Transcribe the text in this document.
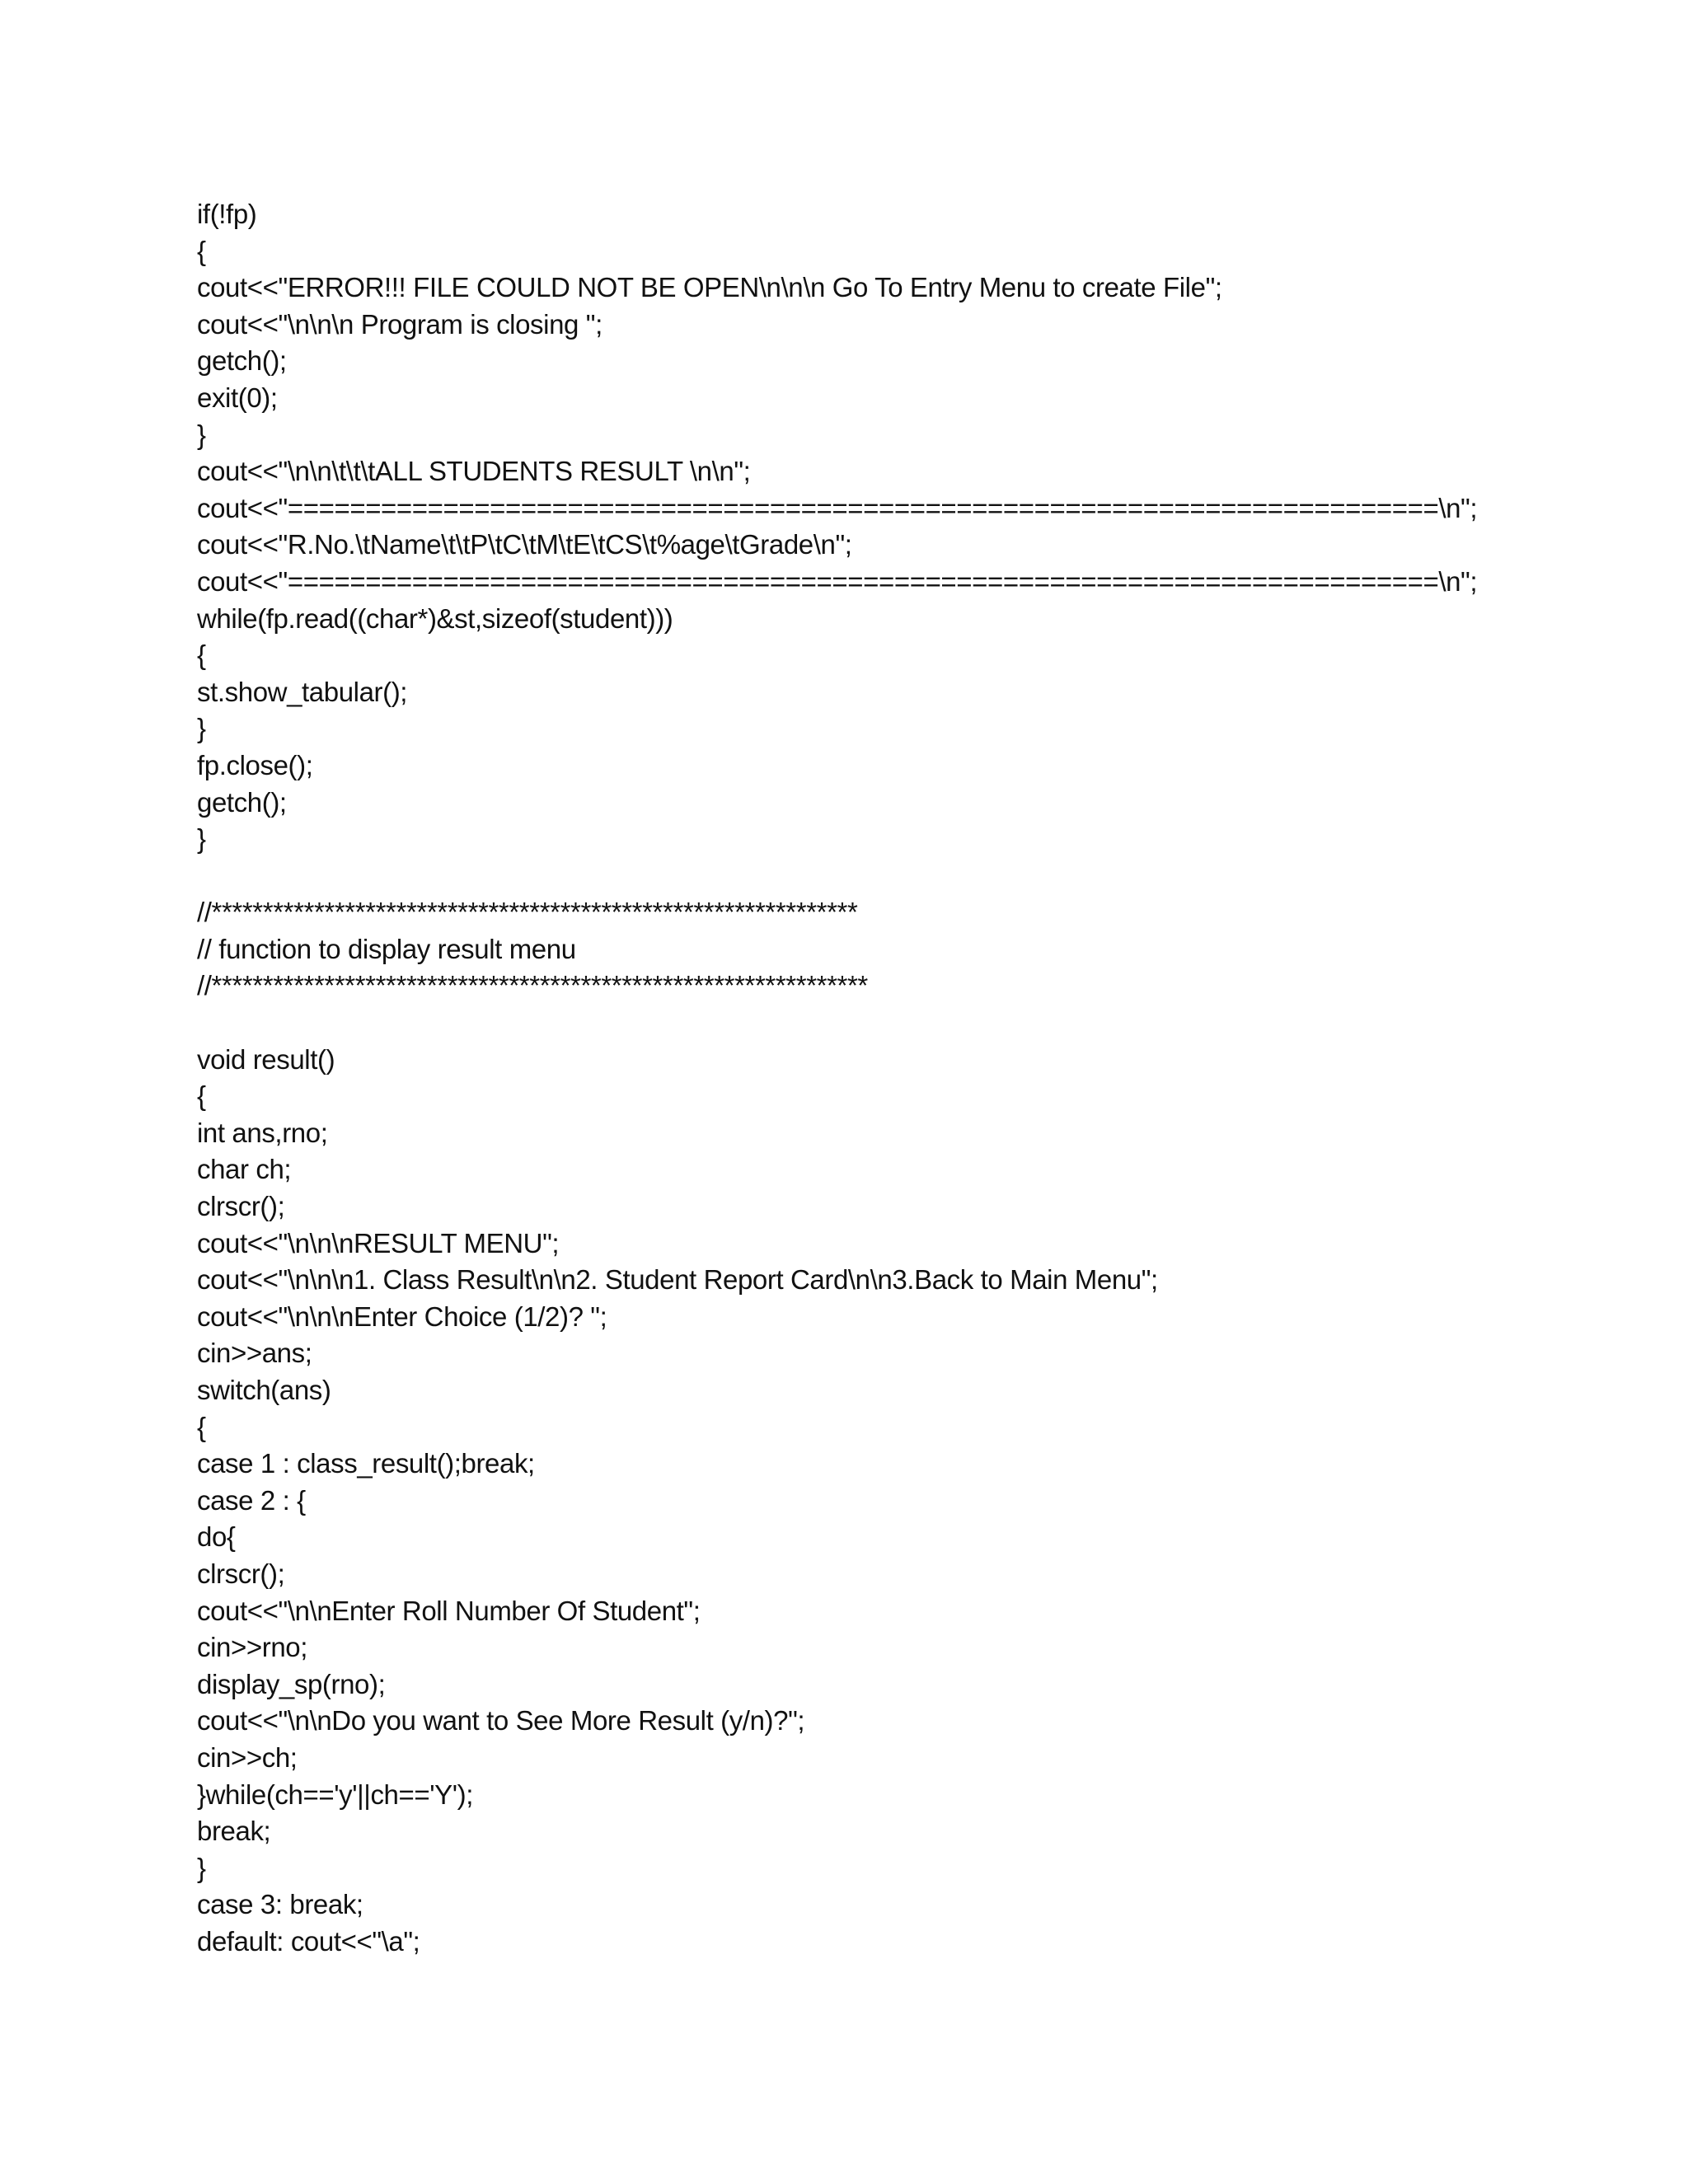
if(!fp)
{
cout<<"ERROR!!! FILE COULD NOT BE OPEN\n\n\n Go To Entry Menu to create File";
cout<<"\n\n\n Program is closing ";
getch();
exit(0);
}
cout<<"\n\n\t\t\tALL STUDENTS RESULT \n\n";
cout<<"==========================================================================\n";
cout<<"R.No.\tName\t\tP\tC\tM\tE\tCS\t%age\tGrade\n";
cout<<"==========================================================================\n";
while(fp.read((char*)&st,sizeof(student)))
{
st.show_tabular();
}
fp.close();
getch();
}
//***************************************************************
// function to display result menu
//****************************************************************
void result()
{
int ans,rno;
char ch;
clrscr();
cout<<"\n\n\nRESULT MENU";
cout<<"\n\n\n1. Class Result\n\n2. Student Report Card\n\n3.Back to Main Menu";
cout<<"\n\n\nEnter Choice (1/2)? ";
cin>>ans;
switch(ans)
{
case 1 : class_result();break;
case 2 : {
do{
clrscr();
cout<<"\n\nEnter Roll Number Of Student";
cin>>rno;
display_sp(rno);
cout<<"\n\nDo you want to See More Result (y/n)?";
cin>>ch;
}while(ch=='y'||ch=='Y');
break;
}
case 3: break;
default: cout<<"\a";
